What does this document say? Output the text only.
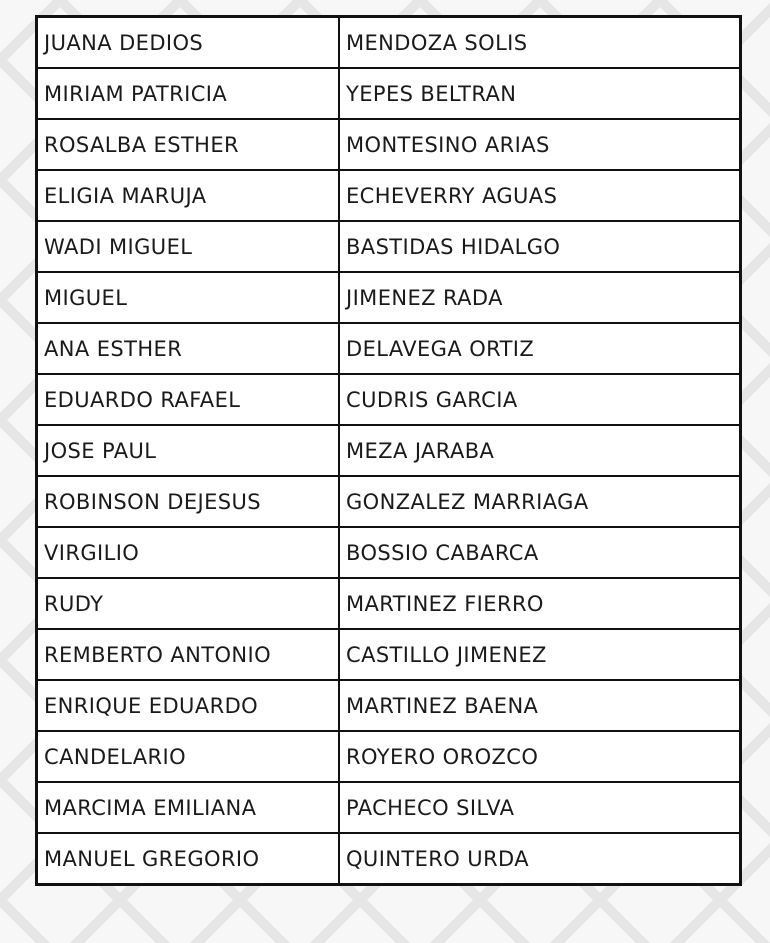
JUANA DEDIOS	MENDOZA SOLIS
MIRIAM PATRICIA	YEPES BELTRAN
ROSALBA ESTHER	MONTESINO ARIAS
ELIGIA MARUJA	ECHEVERRY AGUAS
WADI MIGUEL	BASTIDAS HIDALGO
MIGUEL	JIMENEZ RADA
ANA ESTHER	DELAVEGA ORTIZ
EDUARDO RAFAEL	CUDRIS GARCIA
JOSE PAUL	MEZA JARABA
ROBINSON DEJESUS	GONZALEZ MARRIAGA
VIRGILIO	BOSSIO CABARCA
RUDY	MARTINEZ FIERRO
REMBERTO ANTONIO	CASTILLO JIMENEZ
ENRIQUE EDUARDO	MARTINEZ BAENA
CANDELARIO	ROYERO OROZCO
MARCIMA EMILIANA	PACHECO SILVA
MANUEL GREGORIO	QUINTERO URDA
